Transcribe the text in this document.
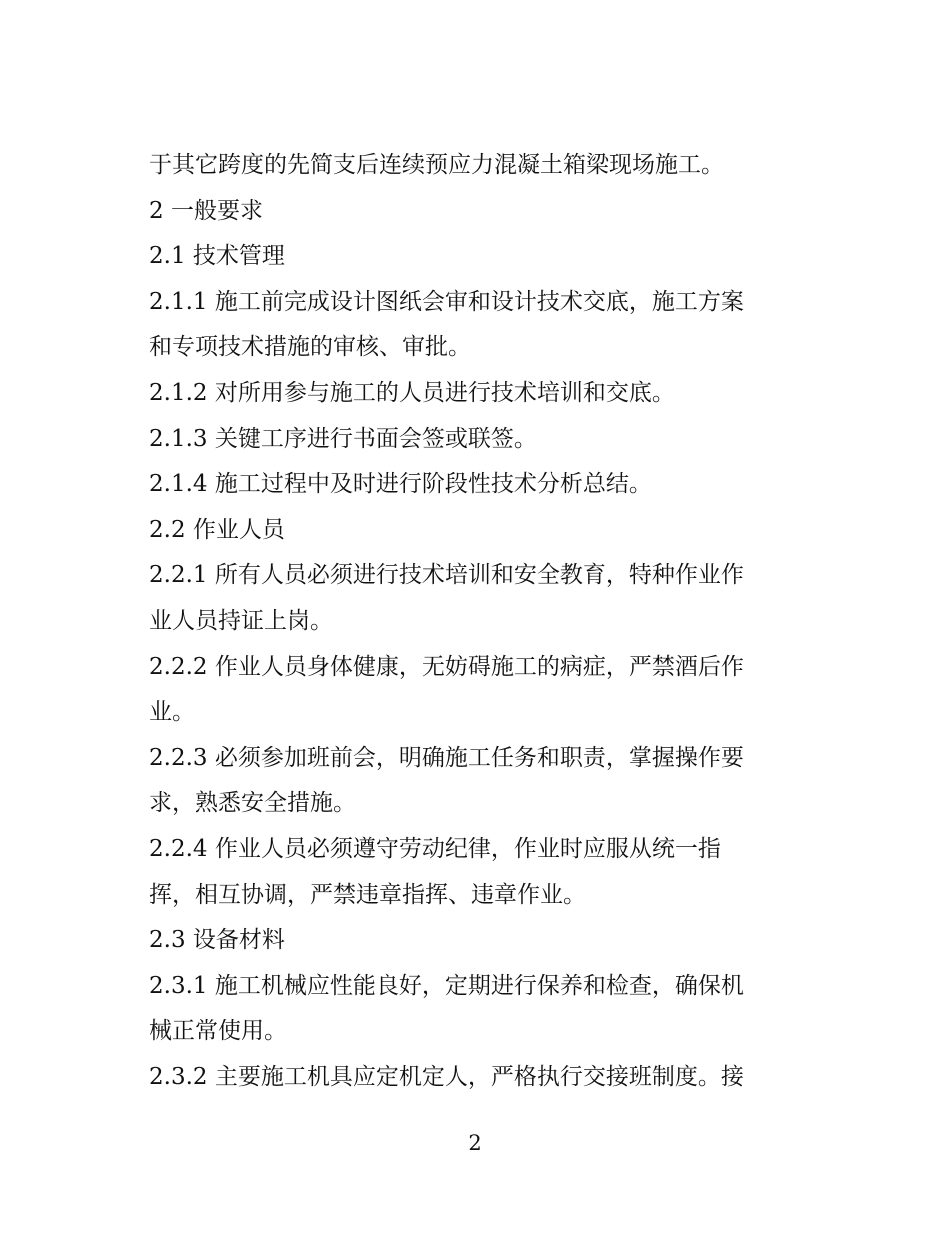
于其它跨度的先简支后连续预应力混凝土箱梁现场施工。
2 一般要求
2.1 技术管理
2.1.1 施工前完成设计图纸会审和设计技术交底，施工方案
和专项技术措施的审核、审批。
2.1.2 对所用参与施工的人员进行技术培训和交底。
2.1.3 关键工序进行书面会签或联签。
2.1.4 施工过程中及时进行阶段性技术分析总结。
2.2 作业人员
2.2.1 所有人员必须进行技术培训和安全教育，特种作业作
业人员持证上岗。
2.2.2 作业人员身体健康，无妨碍施工的病症，严禁酒后作
业。
2.2.3 必须参加班前会，明确施工任务和职责，掌握操作要
求，熟悉安全措施。
2.2.4 作业人员必须遵守劳动纪律，作业时应服从统一指
挥，相互协调，严禁违章指挥、违章作业。
2.3 设备材料
2.3.1 施工机械应性能良好，定期进行保养和检查，确保机
械正常使用。
2.3.2 主要施工机具应定机定人，严格执行交接班制度。接
2
